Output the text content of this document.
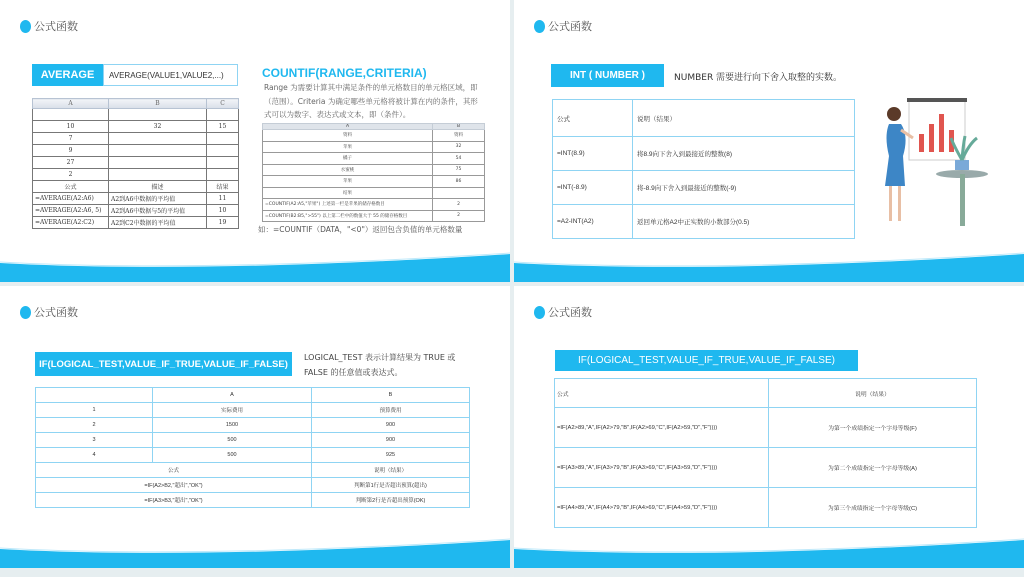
公式函数
AVERAGE	AVERAGE(VALUE1,VALUE2,...)
A	B	C

10	32	15
7		
9		
27		
2		
公式	描述	结果
=AVERAGE(A2:A6)	A2到A6中数据的平均值	11
=AVERAGE(A2:A6, 5)	A2到A6中数据与5的平均值	10
=AVERAGE(A2:C2)	A2到C2中数据的平均值	19
COUNTIF(RANGE,CRITERIA)
Range 为需要计算其中满足条件的单元格数目的单元格区域，即
（范围）。Criteria 为确定哪些单元格将被计算在内的条件，其形
式可以为数字、表达式或文本，即（条件）。
A	B
资料	资料
苹果	32
橘子	54
水蜜桃	75
苹果	86
结果	
=COUNTIF(A2:A5,"苹果") 上述第一栏是苹果的储存格数目	2
=COUNTIF(B2:B5,">55") 以上第二栏中的数值大于 55 的储存格数目	2
如：=COUNTIF（DATA，"<0"）返回包含负值的单元格数量
公式函数
INT ( NUMBER )	NUMBER 需要进行向下舍入取整的实数。
公式	说明（结果）
=INT(8.9)	将8.9向下舍入到最接近的整数(8)
=INT(-8.9)	将-8.9向下舍入到最接近的整数(-9)
=A2-INT(A2)	返回单元格A2中正实数的小数部分(0.5)
公式函数
IF(LOGICAL_TEST,VALUE_IF_TRUE,VALUE_IF_FALSE)
LOGICAL_TEST 表示计算结果为 TRUE 或
FALSE 的任意值或表达式。
	A	B
1	实际费用	预算费用
2	1500	900
3	500	900
4	500	925
公式		说明（结果）
=IF(A2>B2,"超出","OK")		判断第1行是否超出预算(超出)
=IF(A3>B3,"超出","OK")		判断第2行是否超出预算(OK)
公式函数
IF(LOGICAL_TEST,VALUE_IF_TRUE,VALUE_IF_FALSE)
公式	说明（结果）
=IF(A2>89,"A",IF(A2>79,"B",IF(A2>69,"C",IF(A2>59,"D","F"))))	为第一个成绩指定一个字母等级(F)
=IF(A3>89,"A",IF(A3>79,"B",IF(A3>69,"C",IF(A3>59,"D","F"))))	为第二个成绩指定一个字母等级(A)
=IF(A4>89,"A",IF(A4>79,"B",IF(A4>69,"C",IF(A4>59,"D","F"))))	为第三个成绩指定一个字母等级(C)
